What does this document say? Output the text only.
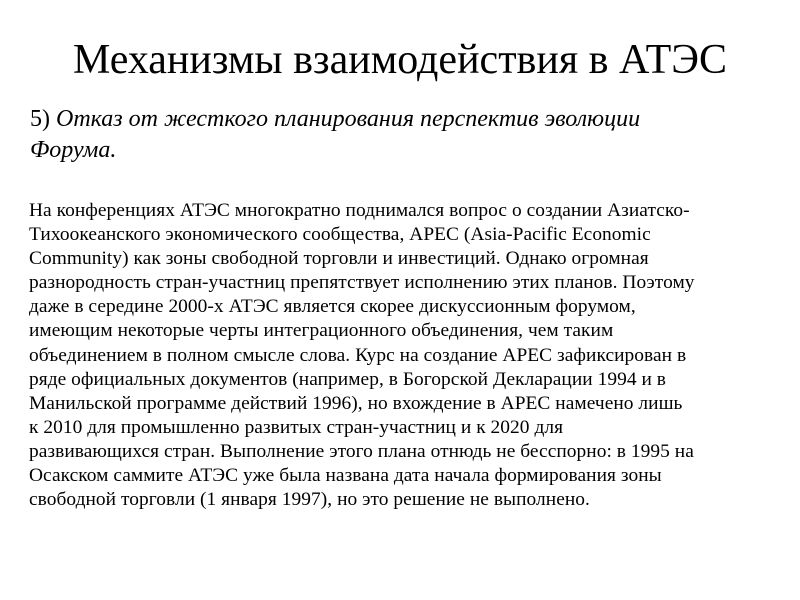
Механизмы взаимодействия в АТЭС
5) Отказ от жесткого планирования перспектив эволюции
Форума.
На конференциях АТЭС многократно поднимался вопрос о создании Азиатско-
Тихоокеанского экономического сообщества, APEC (Asia-Pacific Economic
Community) как зоны свободной торговли и инвестиций. Однако огромная
разнородность стран-участниц препятствует исполнению этих планов. Поэтому
даже в середине 2000-х АТЭС является скорее дискуссионным форумом,
имеющим некоторые черты интеграционного объединения, чем таким
объединением в полном смысле слова. Курс на создание APEC зафиксирован в
ряде официальных документов (например, в Богорской Декларации 1994 и в
Манильской программе действий 1996), но вхождение в APEC намечено лишь
к 2010 для промышленно развитых стран-участниц и к 2020 для
развивающихся стран. Выполнение этого плана отнюдь не бесспорно: в 1995 на
Осакском саммите АТЭС уже была названа дата начала формирования зоны
свободной торговли (1 января 1997), но это решение не выполнено.
